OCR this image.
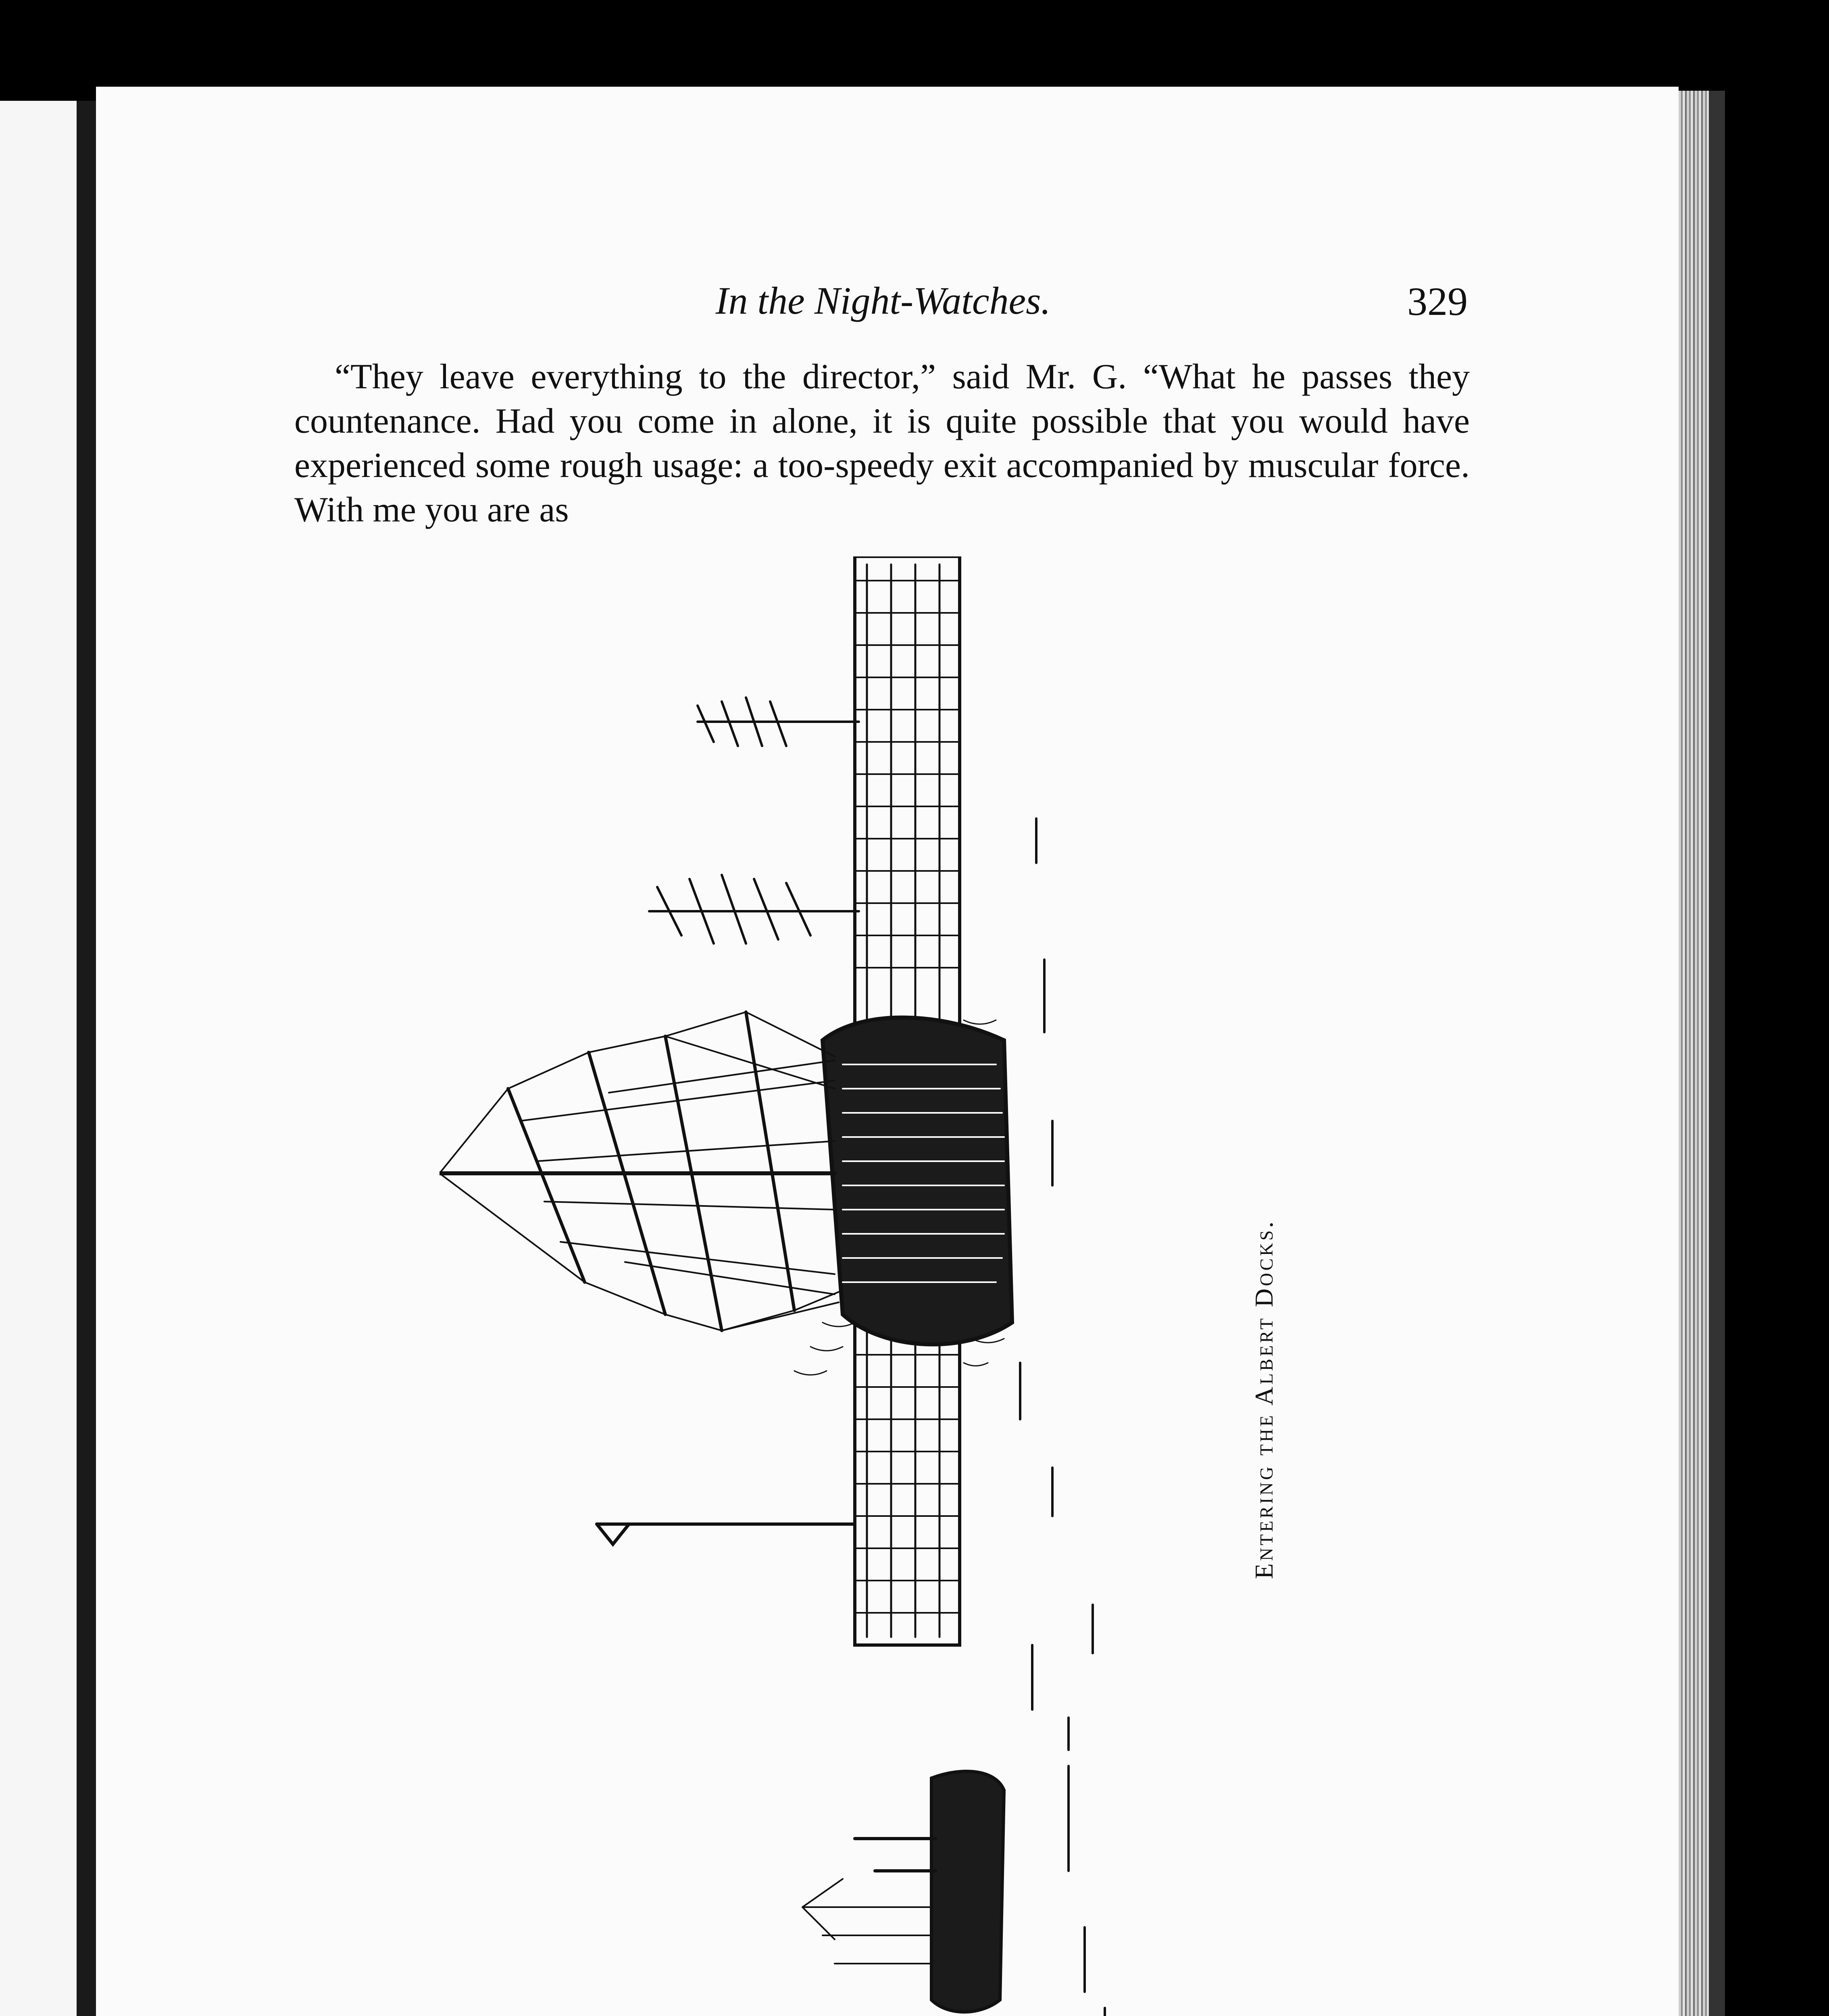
In the Night-Watches.	329

“They leave everything to the director,” said Mr. G. “What he passes they countenance. Had you come in alone, it is quite possible that you would have experienced some rough usage: a too-speedy exit accompanied by muscular force. With me you are as

Entering the Albert Docks.
